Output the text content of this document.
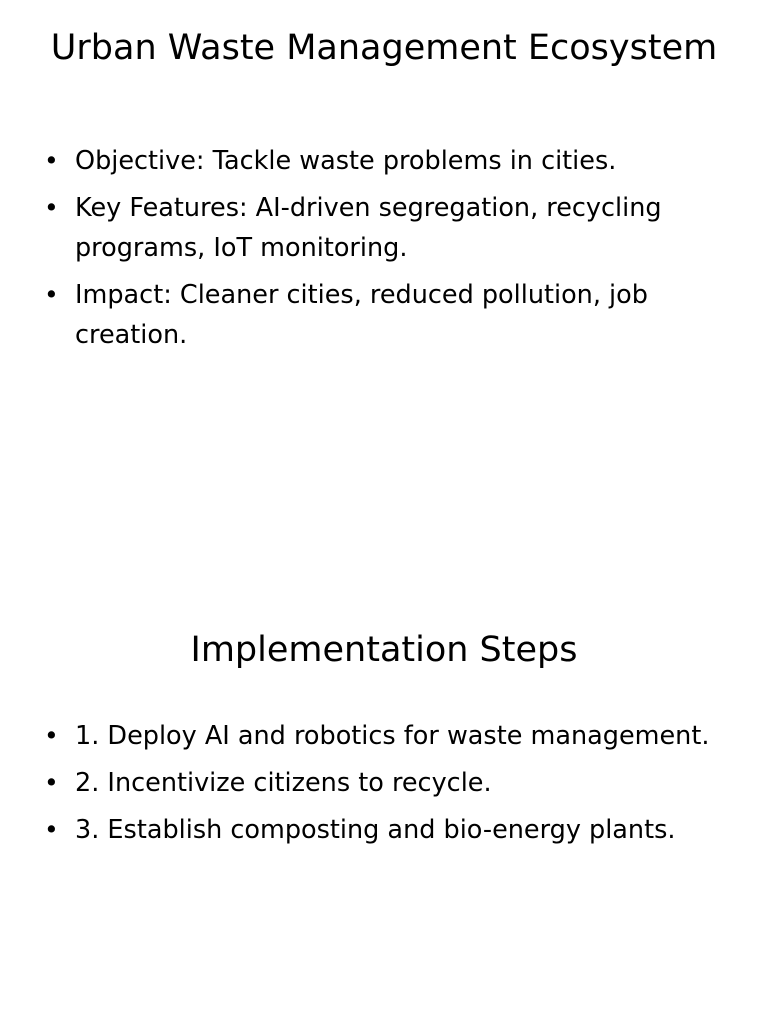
Urban Waste Management Ecosystem
• Objective: Tackle waste problems in cities.
• Key Features: AI-driven segregation, recycling programs, IoT monitoring.
• Impact: Cleaner cities, reduced pollution, job creation.
Implementation Steps
• 1. Deploy AI and robotics for waste management.
• 2. Incentivize citizens to recycle.
• 3. Establish composting and bio-energy plants.
